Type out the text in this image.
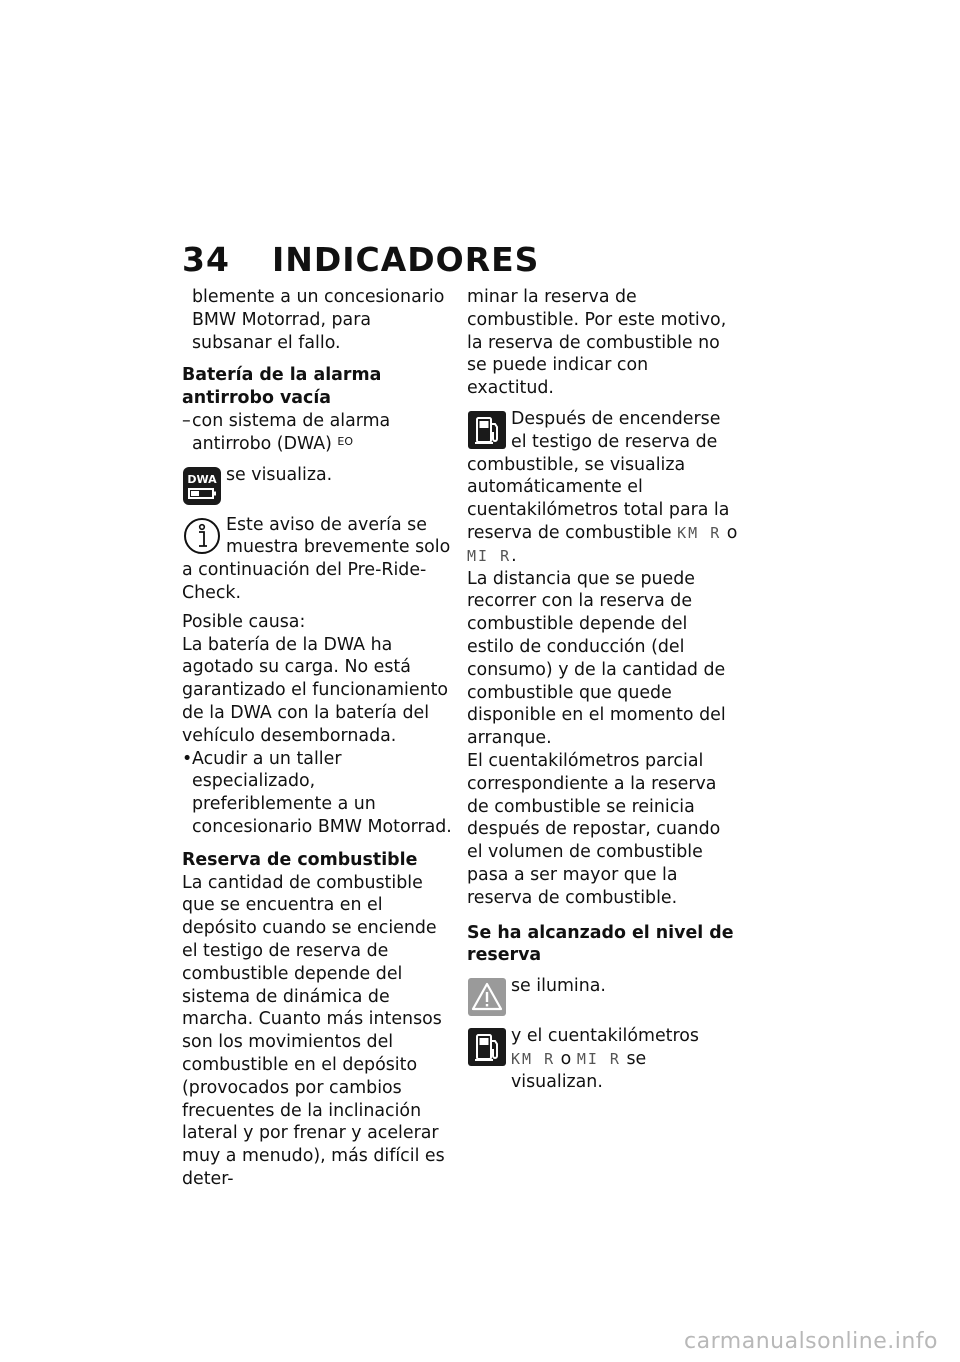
34 INDICADORES

blemente a un concesionario BMW Motorrad, para subsanar el fallo.

Batería de la alarma antirrobo vacía

– con sistema de alarma antirrobo (DWA) $^{EO}$

DWA se visualiza.

Este aviso de avería se muestra brevemente solo a continuación del Pre-Ride-Check.

Posible causa:

La batería de la DWA ha agotado su carga. No está garantizado el funcionamiento de la DWA con la batería del vehículo desembornada.

• Acudir a un taller especializado, preferiblemente a un concesionario BMW Motorrad.

Reserva de combustible

La cantidad de combustible que se encuentra en el depósito cuando se enciende el testigo de reserva de combustible depende del sistema de dinámica de marcha. Cuanto más intensos son los movimientos del combustible en el depósito (provocados por cambios frecuentes de la inclinación lateral y por frenar y acelerar muy a menudo), más difícil es deter-

minar la reserva de combustible. Por este motivo, la reserva de combustible no se puede indicar con exactitud.

Después de encenderse el testigo de reserva de combustible, se visualiza automáticamente el cuentakilómetros total para la reserva de combustible KM R o MI R.

La distancia que se puede recorrer con la reserva de combustible depende del estilo de conducción (del consumo) y de la cantidad de combustible que quede disponible en el momento del arranque.

El cuentakilómetros parcial correspondiente a la reserva de combustible se reinicia después de repostar, cuando el volumen de combustible pasa a ser mayor que la reserva de combustible.

Se ha alcanzado el nivel de reserva

se ilumina.

y el cuentakilómetros
KM R o MI R se visualizan.

carmanualsonline.info
